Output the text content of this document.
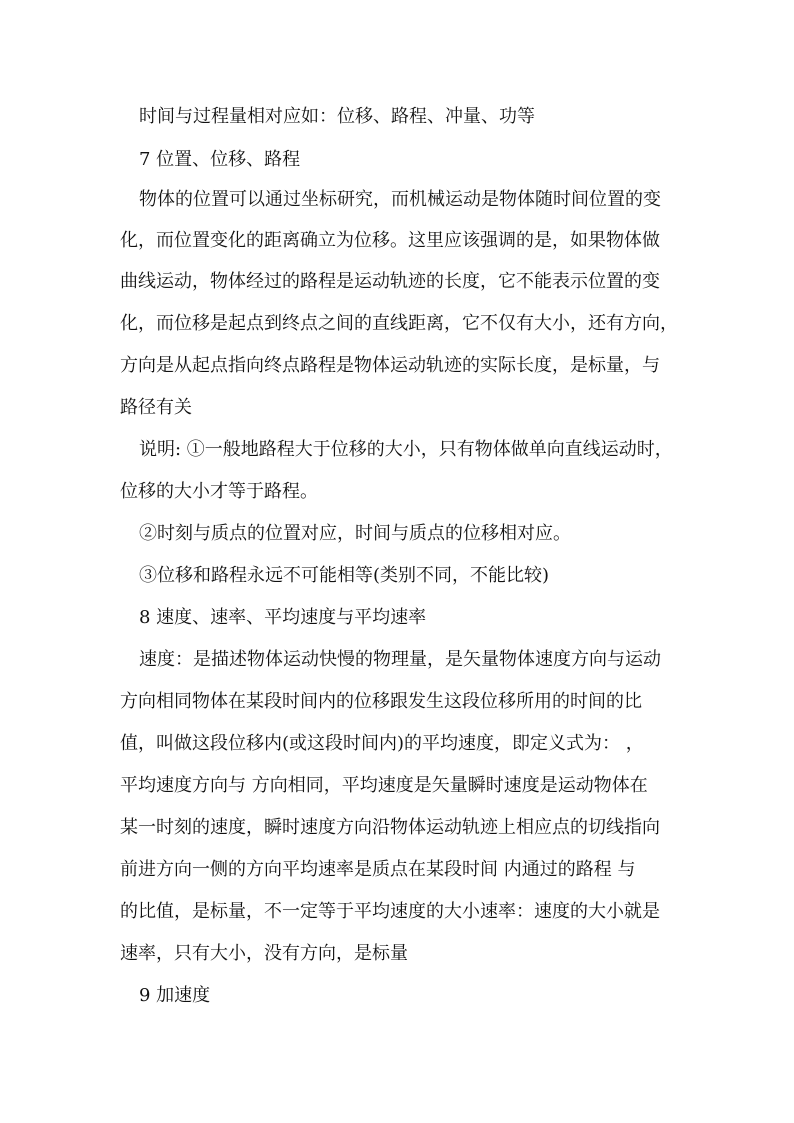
时间与过程量相对应如：位移、路程、冲量、功等
7 位置、位移、路程
物体的位置可以通过坐标研究，而机械运动是物体随时间位置的变
化，而位置变化的距离确立为位移。这里应该强调的是，如果物体做
曲线运动，物体经过的路程是运动轨迹的长度，它不能表示位置的变
化，而位移是起点到终点之间的直线距离，它不仅有大小，还有方向，
方向是从起点指向终点路程是物体运动轨迹的实际长度，是标量，与
路径有关
说明: ①一般地路程大于位移的大小，只有物体做单向直线运动时，
位移的大小才等于路程。
②时刻与质点的位置对应，时间与质点的位移相对应。
③位移和路程永远不可能相等(类别不同，不能比较)
8 速度、速率、平均速度与平均速率
速度：是描述物体运动快慢的物理量，是矢量物体速度方向与运动
方向相同物体在某段时间内的位移跟发生这段位移所用的时间的比
值，叫做这段位移内(或这段时间内)的平均速度，即定义式为： ，
平均速度方向与 方向相同，平均速度是矢量瞬时速度是运动物体在
某一时刻的速度，瞬时速度方向沿物体运动轨迹上相应点的切线指向
前进方向一侧的方向平均速率是质点在某段时间 内通过的路程 与
的比值，是标量，不一定等于平均速度的大小速率：速度的大小就是
速率，只有大小，没有方向，是标量
9 加速度
